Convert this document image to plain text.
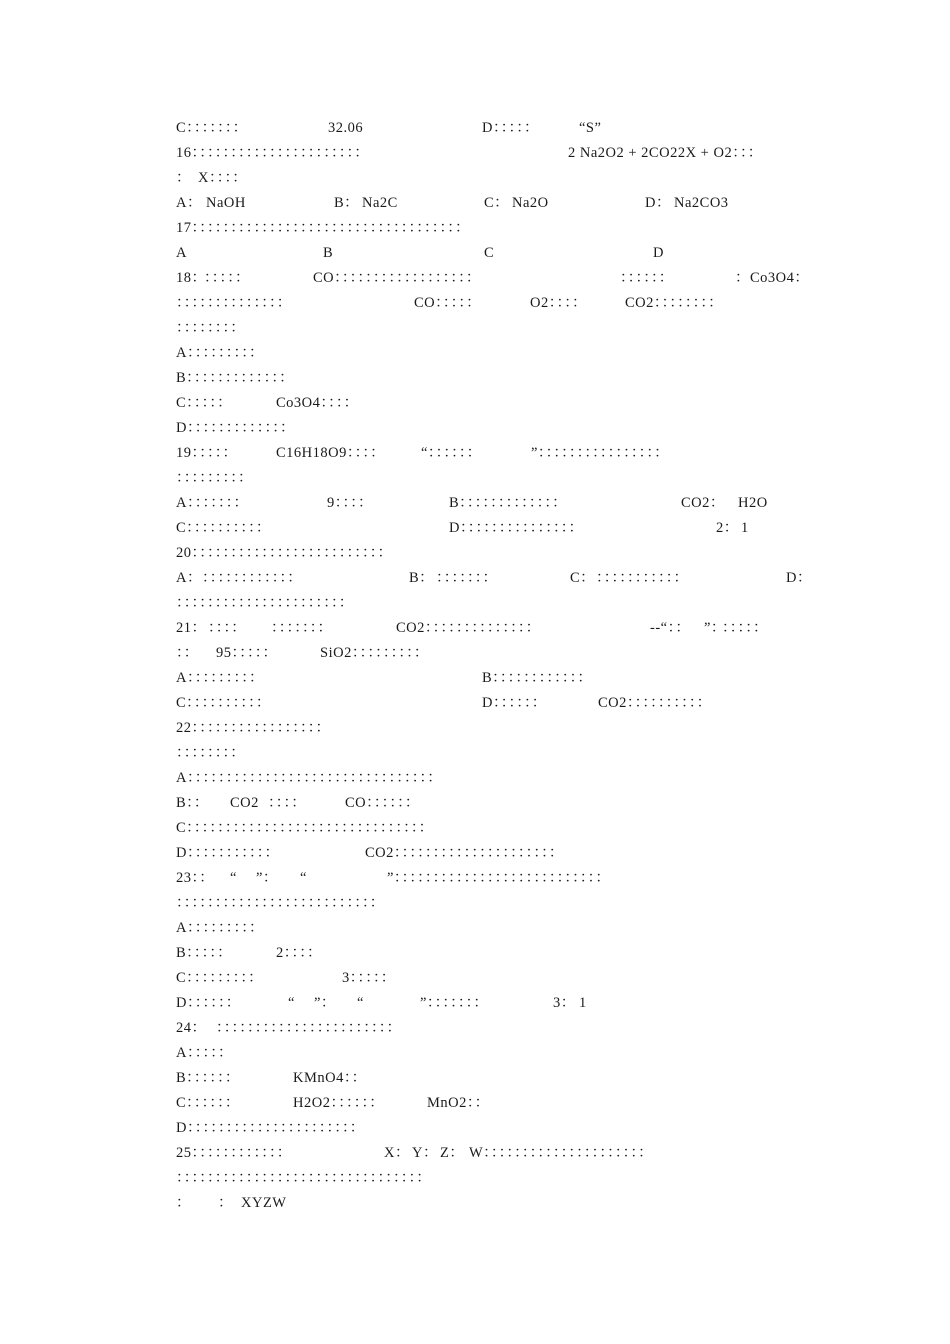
C：：：：：：：	32.06	D：：：：：	“S”
16：：：：：：：：：：：：：：：：：：：：：：	2 Na2O2 + 2CO22X + O2：：：
： X：：：：
A： NaOH	B： Na2C	C： Na2O	D： Na2CO3
17：：：：：：：：：：：：：：：：：：：：：：：：：：：：：：：：：：：
A	B	C	D
18：
：：：：：	CO：：：：：：：：：：：：：：：：：：	：：：：：：	： Co3O4：
：：：：：：：：：：：：：：	CO：：：：：	O2：：：：	CO2：：：：：：：：
：：：：：：：：
A：：：：：：：：：
B：：：：：：：：：：：：：
C：：：：：	Co3O4：：：：
D：：：：：：：：：：：：：
19：：：：：	C16H18O9：：：： “：：：：：：	”：：：：：：：：：：：：：：：：
：：：：：：：：：
A：：：：：：：	9：：：：	B：：：：：：：：：：：：：	CO2： H2O
C：：：：：：：：：：	D：：：：：：：：：：：：：：：	2： 1
20：：：：：：：：：：：：：：：：：：：：：：：：：
A： ：：：：：：：：：：：：	B： ：：：：：：：	C： ：：：：：：：：：：：	D：
：：：：：：：：：：：：：：：：：：：：：：
21： ：：：： ：：：：：：：	CO2：：：：：：：：：：：：：：	--“：： ”：
：：：：：
：： 95：：：：：	SiO2：：：：：：：：：
A：：：：：：：：：	B：：：：：：：：：：：：
C：：：：：：：：：：	D：：：：：：	CO2：：：：：：：：：：
22：：：：：：：：：：：：：：：：：
：：：：：：：：
A：：：：：：：：：：：：：：：：：：：：：：：：：：：：：：：：
B：： CO2 ：：：：	CO：：：：：：
C：：：：：：：：：：：：：：：：：：：：：：：：：：：：：：：
D：：：：：：：：：：：	CO2：：：：：：：：：：：：：：：：：：：：：
23：： “ ”： “	”：：：：：：：：：：：：：：：：：：：：：：：：：：：
：：：：：：：：：：：：：：：：：：：：：：：：：：
A：：：：：：：：：
B：：：：：	2：：：：
C：：：：：：：：：	3：：：：：
D：：：：：：	“ ”： “	”：：：：：：：	3： 1
24： ：：：：：：：：：：：：：：：：：：：：：：：
A：：：：：
B：：：：：：	KMnO4：：
C：：：：：：	H2O2：：：：：：	MnO2：：
D：：：：：：：：：：：：：：：：：：：：：：
25：：：：：：：：：：：：	X： Y： Z： W：：：：：：：：：：：：：：：：：：：：：
：：：：：：：：：：：：：：：：：：：：：：：：：：：：：：：：
： ： XYZW
